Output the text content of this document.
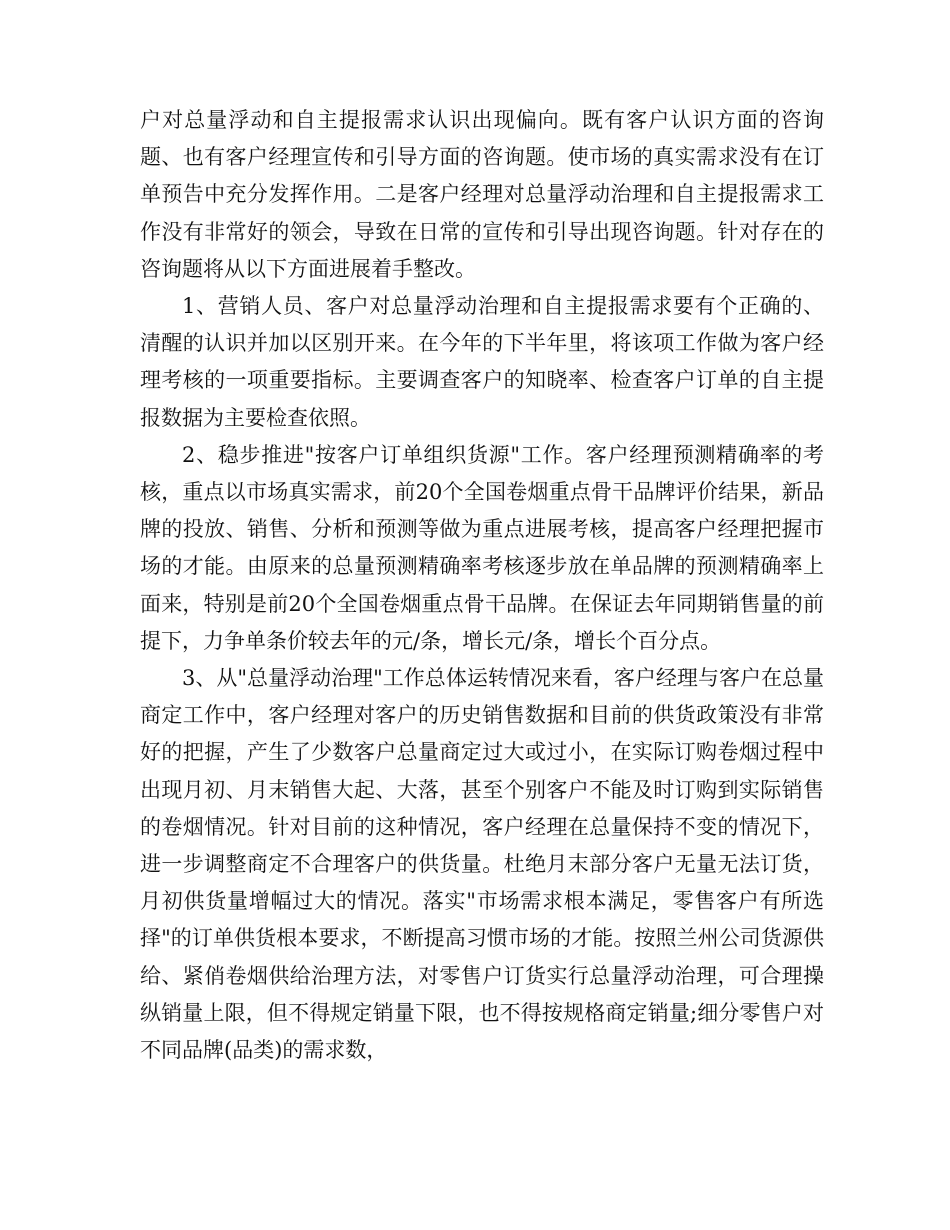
户对总量浮动和自主提报需求认识出现偏向。既有客户认识方面的咨询题、也有客户经理宣传和引导方面的咨询题。使市场的真实需求没有在订单预告中充分发挥作用。二是客户经理对总量浮动治理和自主提报需求工作没有非常好的领会，导致在日常的宣传和引导出现咨询题。针对存在的咨询题将从以下方面进展着手整改。

1、营销人员、客户对总量浮动治理和自主提报需求要有个正确的、清醒的认识并加以区别开来。在今年的下半年里，将该项工作做为客户经理考核的一项重要指标。主要调查客户的知晓率、检查客户订单的自主提报数据为主要检查依照。

2、稳步推进"按客户订单组织货源"工作。客户经理预测精确率的考核，重点以市场真实需求，前20个全国卷烟重点骨干品牌评价结果，新品牌的投放、销售、分析和预测等做为重点进展考核，提高客户经理把握市场的才能。由原来的总量预测精确率考核逐步放在单品牌的预测精确率上面来，特别是前20个全国卷烟重点骨干品牌。在保证去年同期销售量的前提下，力争单条价较去年的元/条，增长元/条，增长个百分点。

3、从"总量浮动治理"工作总体运转情况来看，客户经理与客户在总量商定工作中，客户经理对客户的历史销售数据和目前的供货政策没有非常好的把握，产生了少数客户总量商定过大或过小，在实际订购卷烟过程中出现月初、月末销售大起、大落，甚至个别客户不能及时订购到实际销售的卷烟情况。针对目前的这种情况，客户经理在总量保持不变的情况下，进一步调整商定不合理客户的供货量。杜绝月末部分客户无量无法订货，月初供货量增幅过大的情况。落实"市场需求根本满足，零售客户有所选择"的订单供货根本要求，不断提高习惯市场的才能。按照兰州公司货源供给、紧俏卷烟供给治理方法，对零售户订货实行总量浮动治理，可合理操纵销量上限，但不得规定销量下限，也不得按规格商定销量;细分零售户对不同品牌(品类)的需求数，
